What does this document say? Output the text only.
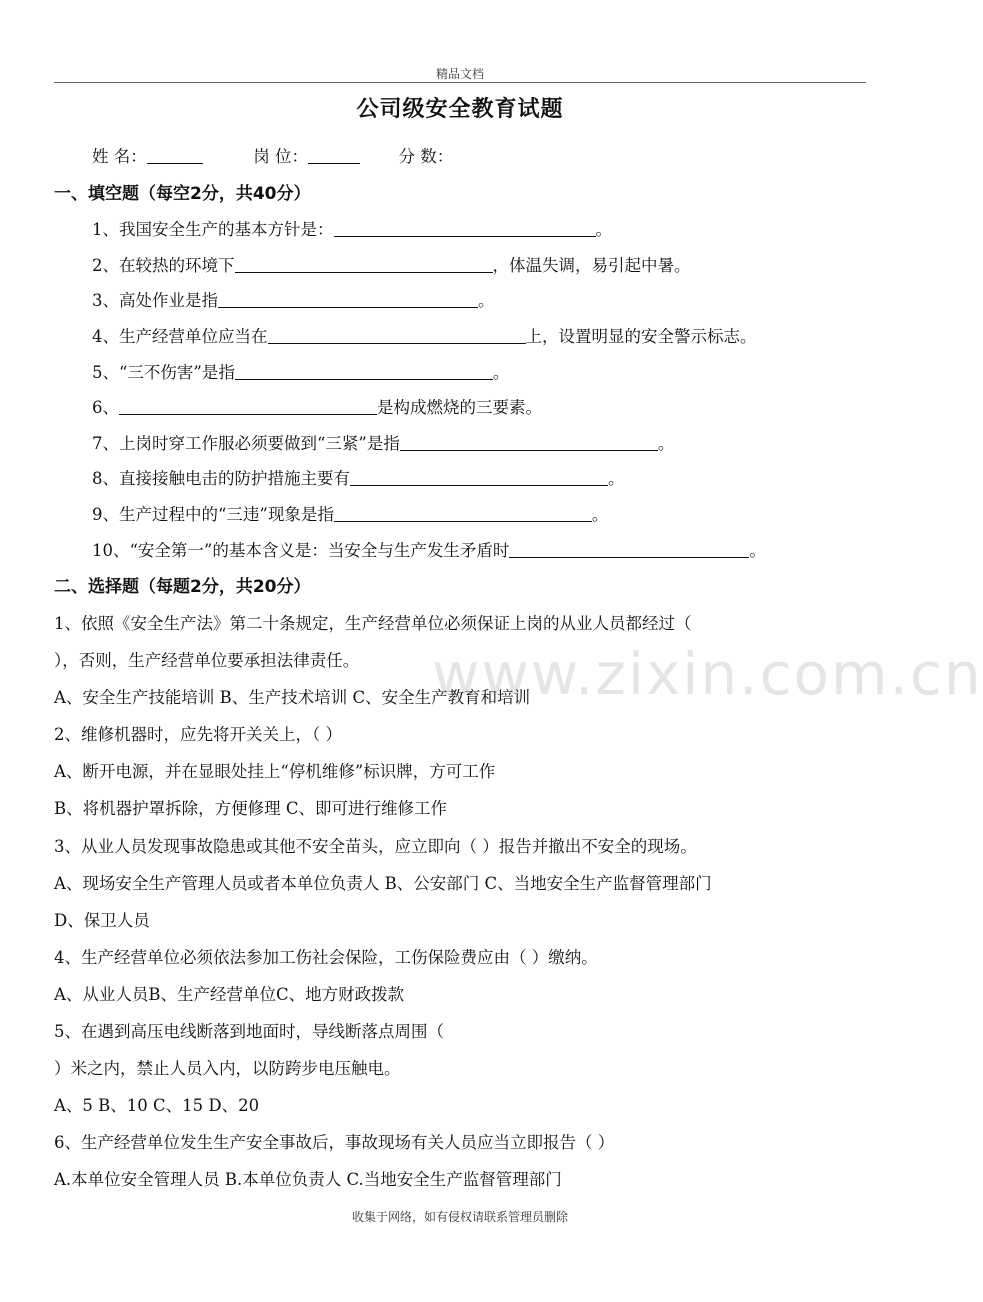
精品文档
公司级安全教育试题
姓 名：	岗 位：	分 数：
一、填空题（每空2分，共40分）
1、我国安全生产的基本方针是：	。
2、在较热的环境下	，体温失调，易引起中暑。
3、高处作业是指	。
4、生产经营单位应当在	上，设置明显的安全警示标志。
5、“三不伤害”是指	。
6、	是构成燃烧的三要素。
7、上岗时穿工作服必须要做到“三紧”是指	。
8、直接接触电击的防护措施主要有	。
9、生产过程中的“三违”现象是指	。
10、“安全第一”的基本含义是：当安全与生产发生矛盾时	。
二、选择题（每题2分，共20分）
1、依照《安全生产法》第二十条规定，生产经营单位必须保证上岗的从业人员都经过（
），否则，生产经营单位要承担法律责任。
A、安全生产技能培训 B、生产技术培训 C、安全生产教育和培训
2、维修机器时，应先将开关关上，（ ）
A、断开电源，并在显眼处挂上“停机维修”标识牌，方可工作
B、将机器护罩拆除，方便修理 C、即可进行维修工作
3、从业人员发现事故隐患或其他不安全苗头，应立即向（ ）报告并撤出不安全的现场。
A、现场安全生产管理人员或者本单位负责人 B、公安部门 C、当地安全生产监督管理部门
D、保卫人员
4、生产经营单位必须依法参加工伤社会保险，工伤保险费应由（ ）缴纳。
A、从业人员B、生产经营单位C、地方财政拨款
5、在遇到高压电线断落到地面时，导线断落点周围（
）米之内，禁止人员入内，以防跨步电压触电。
A、5 B、10 C、15 D、20
6、生产经营单位发生生产安全事故后，事故现场有关人员应当立即报告（ ）
A.本单位安全管理人员 B.本单位负责人 C.当地安全生产监督管理部门
www.zixin.com.cn
收集于网络，如有侵权请联系管理员删除
